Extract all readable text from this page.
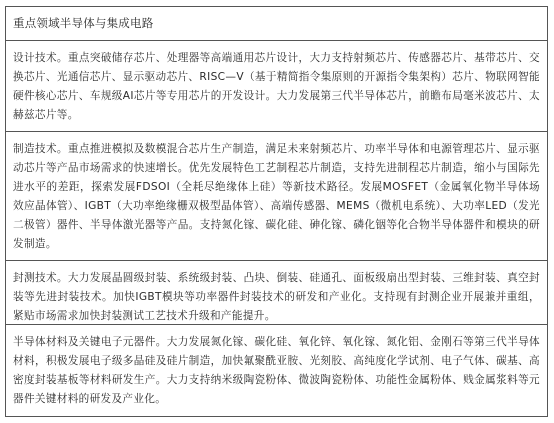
重点领域半导体与集成电路
设计技术。重点突破储存芯片、处理器等高端通用芯片设计，大力支持射频芯片、传感器芯片、基带芯片、交换芯片、光通信芯片、显示驱动芯片、RISC—V（基于精简指令集原则的开源指令集架构）芯片、物联网智能硬件核心芯片、车规级AI芯片等专用芯片的开发设计。大力发展第三代半导体芯片，前瞻布局毫米波芯片、太赫兹芯片等。
制造技术。重点推进模拟及数模混合芯片生产制造，满足未来射频芯片、功率半导体和电源管理芯片、显示驱动芯片等产品市场需求的快速增长。优先发展特色工艺制程芯片制造，支持先进制程芯片制造，缩小与国际先进水平的差距，探索发展FDSOI（全耗尽绝缘体上硅）等新技术路径。发展MOSFET（金属氧化物半导体场效应晶体管）、IGBT（大功率绝缘栅双极型晶体管）、高端传感器、MEMS（微机电系统）、大功率LED（发光二极管）器件、半导体激光器等产品。支持氮化镓、碳化硅、砷化镓、磷化铟等化合物半导体器件和模块的研发制造。
封测技术。大力发展晶圆级封装、系统级封装、凸块、倒装、硅通孔、面板级扇出型封装、三维封装、真空封装等先进封装技术。加快IGBT模块等功率器件封装技术的研发和产业化。支持现有封测企业开展兼并重组，紧贴市场需求加快封装测试工艺技术升级和产能提升。
半导体材料及关键电子元器件。大力发展氮化镓、碳化硅、氧化锌、氧化镓、氮化铝、金刚石等第三代半导体材料，积极发展电子级多晶硅及硅片制造，加快氟聚酰亚胺、光刻胶、高纯度化学试剂、电子气体、碳基、高密度封装基板等材料研发生产。大力支持纳米级陶瓷粉体、微波陶瓷粉体、功能性金属粉体、贱金属浆料等元器件关键材料的研发及产业化。
